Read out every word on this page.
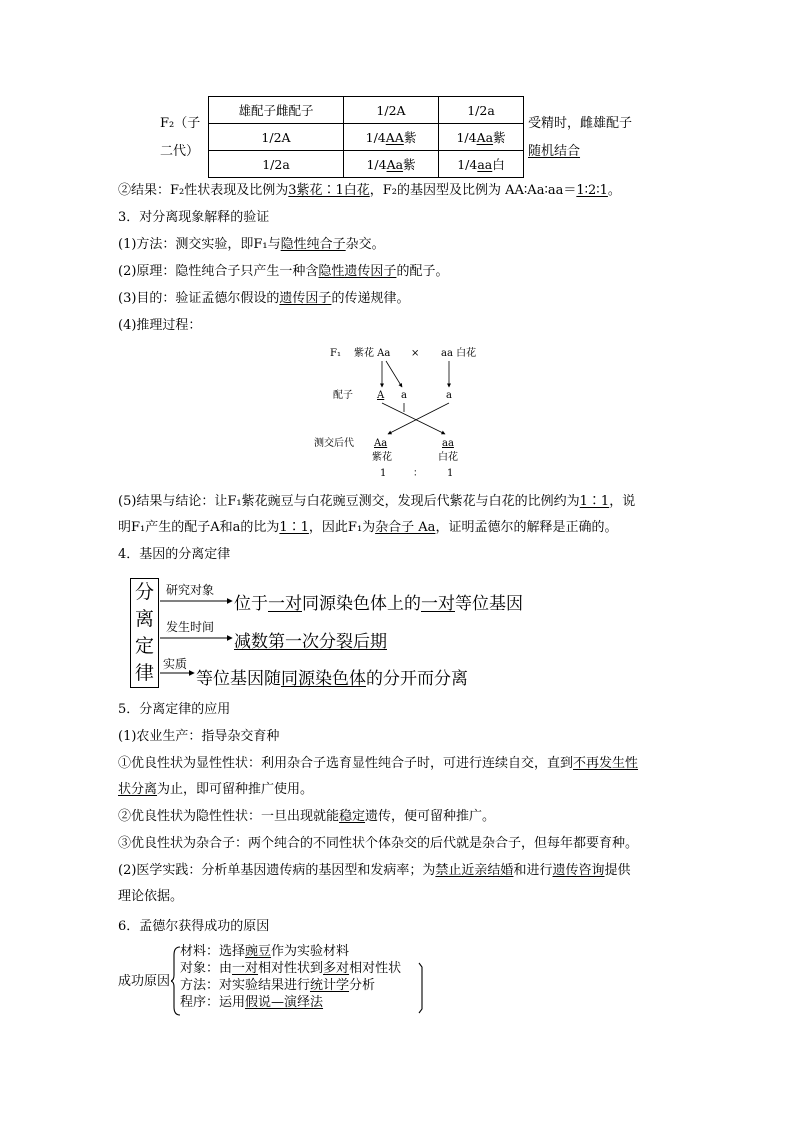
F₂（子
二代）
雄配子雌配子	1/2A	1/2a
1/2A	1/4AA紫	1/4Aa紫
1/2a	1/4Aa紫	1/4aa白
受精时，雌雄配子
随机结合
②结果：F₂性状表现及比例为3紫花∶1白花，F₂的基因型及比例为 AA∶Aa∶aa＝1∶2∶1。
3．对分离现象解释的验证
(1)方法：测交实验，即F₁与隐性纯合子杂交。
(2)原理：隐性纯合子只产生一种含隐性遗传因子的配子。
(3)目的：验证孟德尔假设的遗传因子的传递规律。
(4)推理过程：
F₁ 紫花 Aa × aa 白花
配子 A a	a
测交后代 Aa	aa
紫花	白花
1	： 1
(5)结果与结论：让F₁紫花豌豆与白花豌豆测交，发现后代紫花与白花的比例约为1∶1，说
明F₁产生的配子A和a的比为1∶1，因此F₁为杂合子 Aa，证明孟德尔的解释是正确的。
4．基因的分离定律
分
离
定
律
研究对象
位于一对同源染色体上的一对等位基因
发生时间
减数第一次分裂后期
实质
等位基因随同源染色体的分开而分离
5．分离定律的应用
(1)农业生产：指导杂交育种
①优良性状为显性性状：利用杂合子选育显性纯合子时，可进行连续自交，直到不再发生性
状分离为止，即可留种推广使用。
②优良性状为隐性性状：一旦出现就能稳定遗传，便可留种推广。
③优良性状为杂合子：两个纯合的不同性状个体杂交的后代就是杂合子，但每年都要育种。
(2)医学实践：分析单基因遗传病的基因型和发病率；为禁止近亲结婚和进行遗传咨询提供
理论依据。
6．孟德尔获得成功的原因
成功原因
材料：选择豌豆作为实验材料
对象：由一对相对性状到多对相对性状
方法：对实验结果进行统计学分析
程序：运用假说—演绎法
